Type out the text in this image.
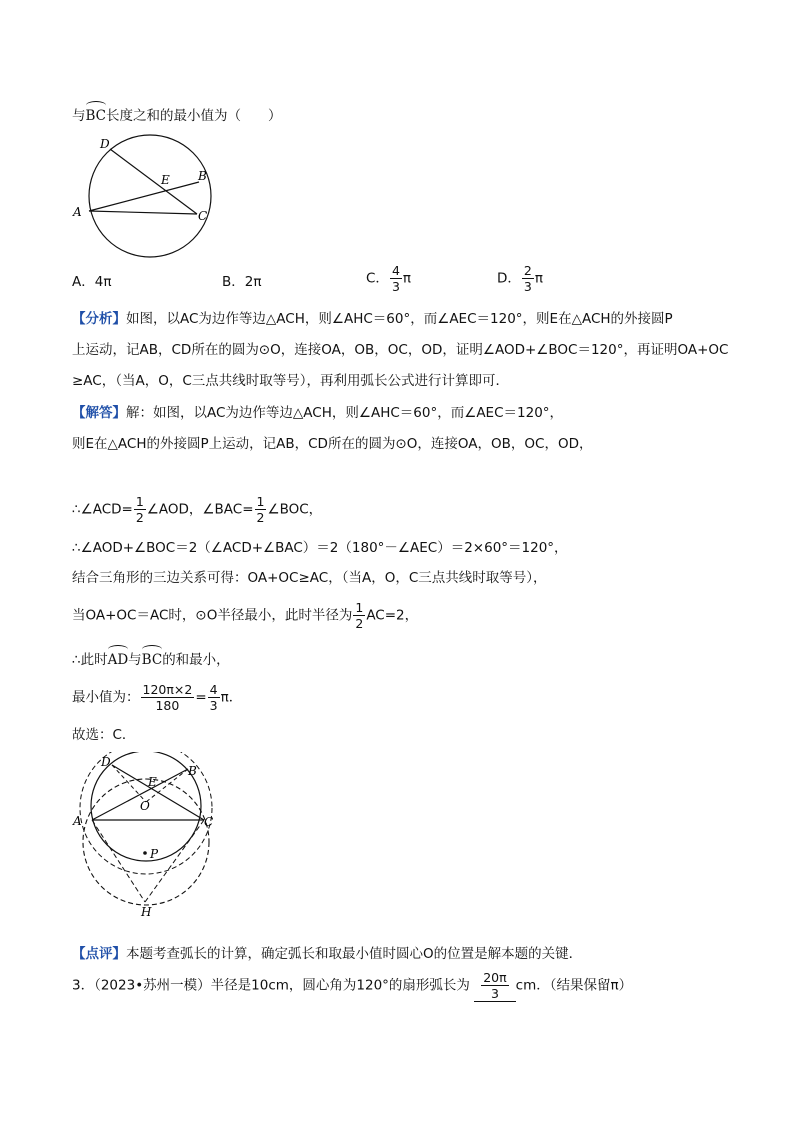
与BC长度之和的最小值为（　　）
D
E B
A	C
A．4π	B．2π	C． $\frac{4}{3}$ π	D． $\frac{2}{3}$ π
【分析】如图，以AC为边作等边△ACH，则∠AHC＝60°，而∠AEC＝120°，则E在△ACH的外接圆P
上运动，记AB，CD所在的圆为⊙O，连接OA，OB，OC，OD，证明∠AOD+∠BOC＝120°，再证明OA+OC
≥AC，（当A，O，C三点共线时取等号），再利用弧长公式进行计算即可．
【解答】解：如图，以AC为边作等边△ACH，则∠AHC＝60°，而∠AEC＝120°，
则E在△ACH的外接圆P上运动，记AB，CD所在的圆为⊙O，连接OA，OB，OC，OD，
∴∠ACD= $\frac{1}{2}$ ∠AOD，∠BAC= $\frac{1}{2}$ ∠BOC，
∴∠AOD+∠BOC＝2（∠ACD+∠BAC）＝2（180°－∠AEC）＝2×60°＝120°，
结合三角形的三边关系可得：OA+OC≥AC，（当A，O，C三点共线时取等号），
当OA+OC＝AC时，⊙O半径最小，此时半径为 $\frac{1}{2} AC=2$，
∴此时AD与BC的和最小，
最小值为： $\frac{120\pi\times 2}{180} = \frac{4}{3}$ π．
故选：C．
D
B
E
O
A	C
P
H
【点评】本题考查弧长的计算，确定弧长和取最小值时圆心O的位置是解本题的关键．
3．（2023•苏州一模）半径是10cm，圆心角为120°的扇形弧长为 $\frac{20\pi}{3}$ cm．（结果保留π）
